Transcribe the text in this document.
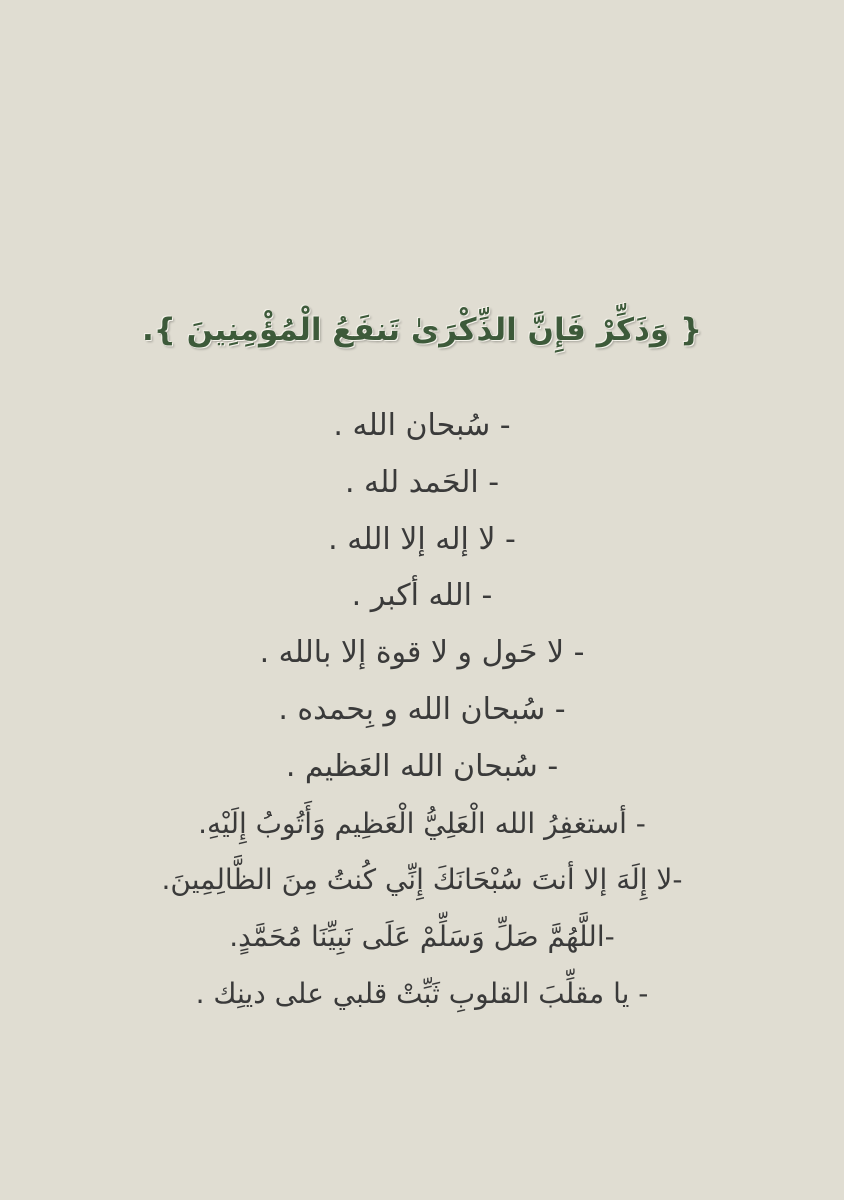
{ وَذَكِّرْ فَإِنَّ الذِّكْرَىٰ تَنفَعُ الْمُؤْمِنِينَ }.
- سُبحان الله .
- الحَمد لله .
- لا إله إلا الله .
- الله أكبر .
- لا حَول و لا قوة إلا بالله .
- سُبحان الله و بِحمده .
- سُبحان الله العَظيم .
- أستغفِرُ الله الْعَلِيُّ الْعَظِيم وَأَتُوبُ إِلَيْهِ.
-لا إِلَهَ إلا أنتَ سُبْحَانَكَ إِنِّي كُنتُ مِنَ الظَّالِمِينَ.
-اللَّهُمَّ صَلِّ وَسَلِّمْ عَلَى نَبِيِّنَا مُحَمَّدٍ.
- يا مقلِّبَ القلوبِ ثَبِّتْ قلبي على دينِك .
